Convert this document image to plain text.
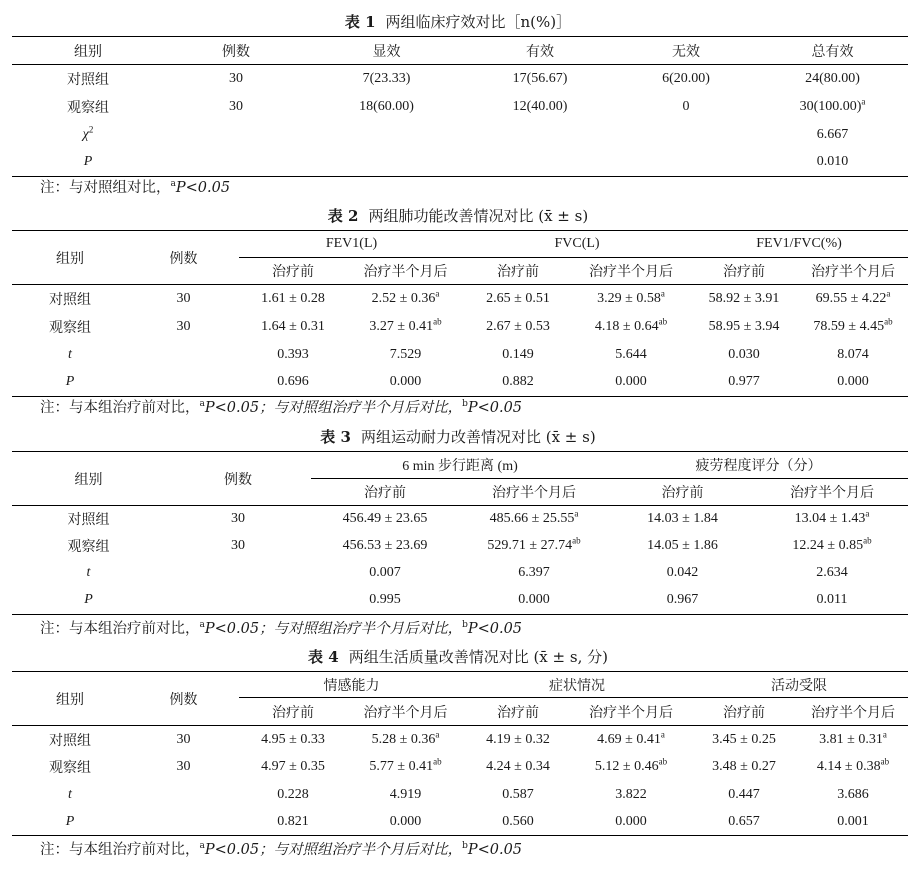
表 1 两组临床疗效对比［n(%)］
组别	例数	显效	有效	无效	总有效
对照组	30	7(23.33)	17(56.67)	6(20.00)	24(80.00)
观察组	30	18(60.00)	12(40.00)	0	$30(100.00)^a$
$\chi^2$					6.667
P					0.010
注：与对照组对比，$^a$P<0.05
表 2 两组肺功能改善情况对比 (x̄ ± s)
组别	例数	FEV1(L)		FVC(L)		FEV1/FVC(%)	
		治疗前	治疗半个月后	治疗前	治疗半个月后	治疗前	治疗半个月后
对照组	30	1.61 ± 0.28	2.52 ± 0.36$^a$	2.65 ± 0.51	3.29 ± 0.58$^a$	58.92 ± 3.91	69.55 ± 4.22$^a$
观察组	30	1.64 ± 0.31	3.27 ± 0.41$^{ab}$	2.67 ± 0.53	4.18 ± 0.64$^{ab}$	58.95 ± 3.94	78.59 ± 4.45$^{ab}$
t		0.393	7.529	0.149	5.644	0.030	8.074
P		0.696	0.000	0.882	0.000	0.977	0.000
注：与本组治疗前对比，$^a$P<0.05；与对照组治疗半个月后对比，$^b$P<0.05
表 3 两组运动耐力改善情况对比 (x̄ ± s)
组别	例数	6 min 步行距离 (m)		疲劳程度评分（分）	
		治疗前	治疗半个月后	治疗前	治疗半个月后
对照组	30	456.49 ± 23.65	485.66 ± 25.55$^a$	14.03 ± 1.84	13.04 ± 1.43$^a$
观察组	30	456.53 ± 23.69	529.71 ± 27.74$^{ab}$	14.05 ± 1.86	12.24 ± 0.85$^{ab}$
t		0.007	6.397	0.042	2.634
P		0.995	0.000	0.967	0.011
注：与本组治疗前对比，$^a$P<0.05；与对照组治疗半个月后对比，$^b$P<0.05
表 4 两组生活质量改善情况对比 (x̄ ± s, 分)
组别	例数	情感能力		症状情况		活动受限	
		治疗前	治疗半个月后	治疗前	治疗半个月后	治疗前	治疗半个月后
对照组	30	4.95 ± 0.33	5.28 ± 0.36$^a$	4.19 ± 0.32	4.69 ± 0.41$^a$	3.45 ± 0.25	3.81 ± 0.31$^a$
观察组	30	4.97 ± 0.35	5.77 ± 0.41$^{ab}$	4.24 ± 0.34	5.12 ± 0.46$^{ab}$	3.48 ± 0.27	4.14 ± 0.38$^{ab}$
t		0.228	4.919	0.587	3.822	0.447	3.686
P		0.821	0.000	0.560	0.000	0.657	0.001
注：与本组治疗前对比，$^a$P<0.05；与对照组治疗半个月后对比，$^b$P<0.05
